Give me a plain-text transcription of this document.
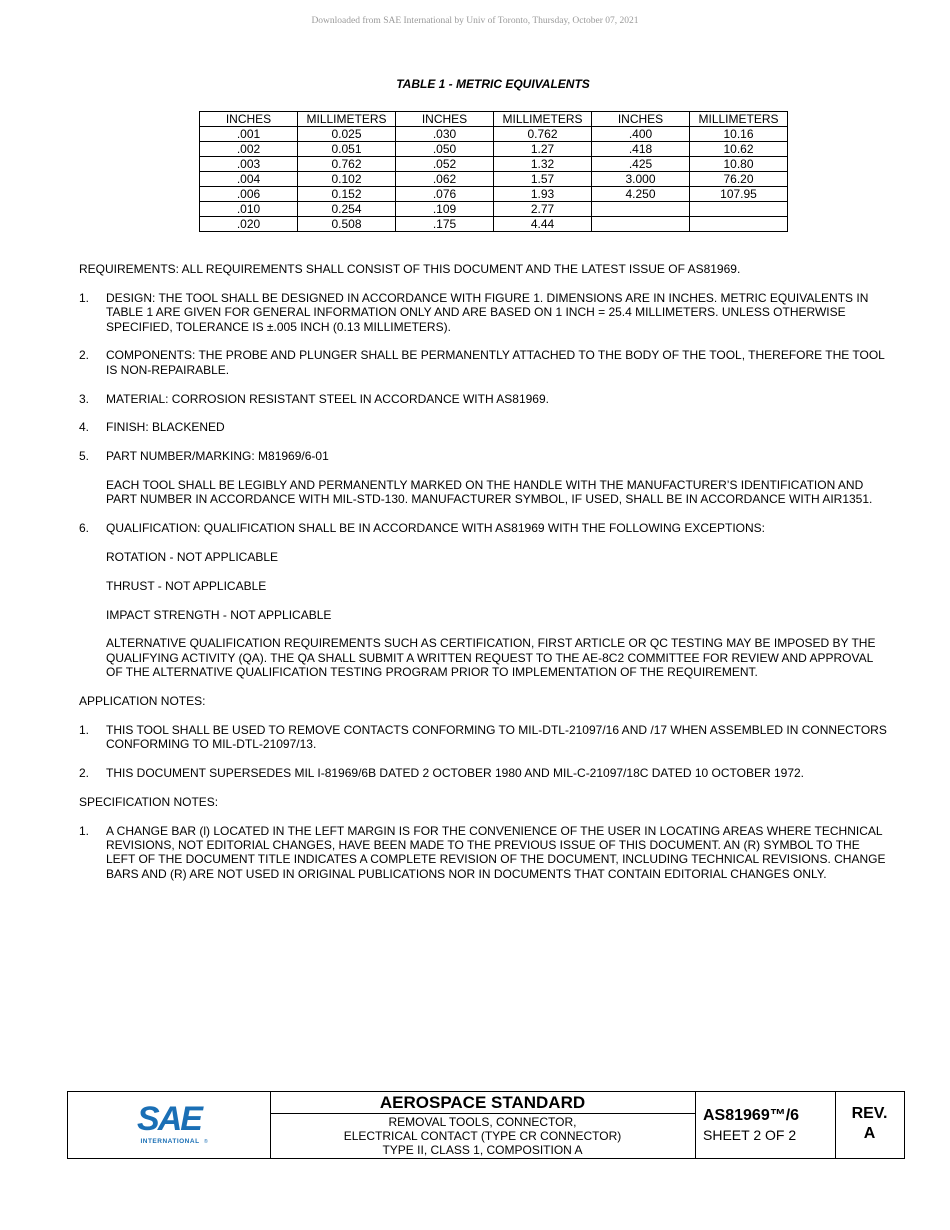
Downloaded from SAE International by Univ of Toronto, Thursday, October 07, 2021
TABLE 1 - METRIC EQUIVALENTS
INCHES	MILLIMETERS	INCHES	MILLIMETERS	INCHES	MILLIMETERS
.001	0.025	.030	0.762	.400	10.16
.002	0.051	.050	1.27	.418	10.62
.003	0.762	.052	1.32	.425	10.80
.004	0.102	.062	1.57	3.000	76.20
.006	0.152	.076	1.93	4.250	107.95
.010	0.254	.109	2.77		
.020	0.508	.175	4.44		

REQUIREMENTS: ALL REQUIREMENTS SHALL CONSIST OF THIS DOCUMENT AND THE LATEST ISSUE OF AS81969.

1.	DESIGN: THE TOOL SHALL BE DESIGNED IN ACCORDANCE WITH FIGURE 1. DIMENSIONS ARE IN INCHES. METRIC EQUIVALENTS IN TABLE 1 ARE GIVEN FOR GENERAL INFORMATION ONLY AND ARE BASED ON 1 INCH = 25.4 MILLIMETERS. UNLESS OTHERWISE SPECIFIED, TOLERANCE IS ±.005 INCH (0.13 MILLIMETERS).
2.	COMPONENTS: THE PROBE AND PLUNGER SHALL BE PERMANENTLY ATTACHED TO THE BODY OF THE TOOL, THEREFORE THE TOOL IS NON-REPAIRABLE.
3.	MATERIAL: CORROSION RESISTANT STEEL IN ACCORDANCE WITH AS81969.
4.	FINISH: BLACKENED
5.	PART NUMBER/MARKING: M81969/6-01

EACH TOOL SHALL BE LEGIBLY AND PERMANENTLY MARKED ON THE HANDLE WITH THE MANUFACTURER’S IDENTIFICATION AND PART NUMBER IN ACCORDANCE WITH MIL-STD-130. MANUFACTURER SYMBOL, IF USED, SHALL BE IN ACCORDANCE WITH AIR1351.

6.	QUALIFICATION: QUALIFICATION SHALL BE IN ACCORDANCE WITH AS81969 WITH THE FOLLOWING EXCEPTIONS:

ROTATION - NOT APPLICABLE

THRUST - NOT APPLICABLE

IMPACT STRENGTH - NOT APPLICABLE

ALTERNATIVE QUALIFICATION REQUIREMENTS SUCH AS CERTIFICATION, FIRST ARTICLE OR QC TESTING MAY BE IMPOSED BY THE QUALIFYING ACTIVITY (QA). THE QA SHALL SUBMIT A WRITTEN REQUEST TO THE AE-8C2 COMMITTEE FOR REVIEW AND APPROVAL OF THE ALTERNATIVE QUALIFICATION TESTING PROGRAM PRIOR TO IMPLEMENTATION OF THE REQUIREMENT.

APPLICATION NOTES:

1.	THIS TOOL SHALL BE USED TO REMOVE CONTACTS CONFORMING TO MIL-DTL-21097/16 AND /17 WHEN ASSEMBLED IN CONNECTORS CONFORMING TO MIL-DTL-21097/13.
2.	THIS DOCUMENT SUPERSEDES MIL I-81969/6B DATED 2 OCTOBER 1980 AND MIL-C-21097/18C DATED 10 OCTOBER 1972.

SPECIFICATION NOTES:

1.	A CHANGE BAR (l) LOCATED IN THE LEFT MARGIN IS FOR THE CONVENIENCE OF THE USER IN LOCATING AREAS WHERE TECHNICAL REVISIONS, NOT EDITORIAL CHANGES, HAVE BEEN MADE TO THE PREVIOUS ISSUE OF THIS DOCUMENT. AN (R) SYMBOL TO THE LEFT OF THE DOCUMENT TITLE INDICATES A COMPLETE REVISION OF THE DOCUMENT, INCLUDING TECHNICAL REVISIONS. CHANGE BARS AND (R) ARE NOT USED IN ORIGINAL PUBLICATIONS NOR IN DOCUMENTS THAT CONTAIN EDITORIAL CHANGES ONLY.
SAE
INTERNATIONAL ®
AEROSPACE STANDARD
REMOVAL TOOLS, CONNECTOR,
ELECTRICAL CONTACT (TYPE CR CONNECTOR)
TYPE II, CLASS 1, COMPOSITION A
AS81969™/6
SHEET 2 OF 2
REV.
A
